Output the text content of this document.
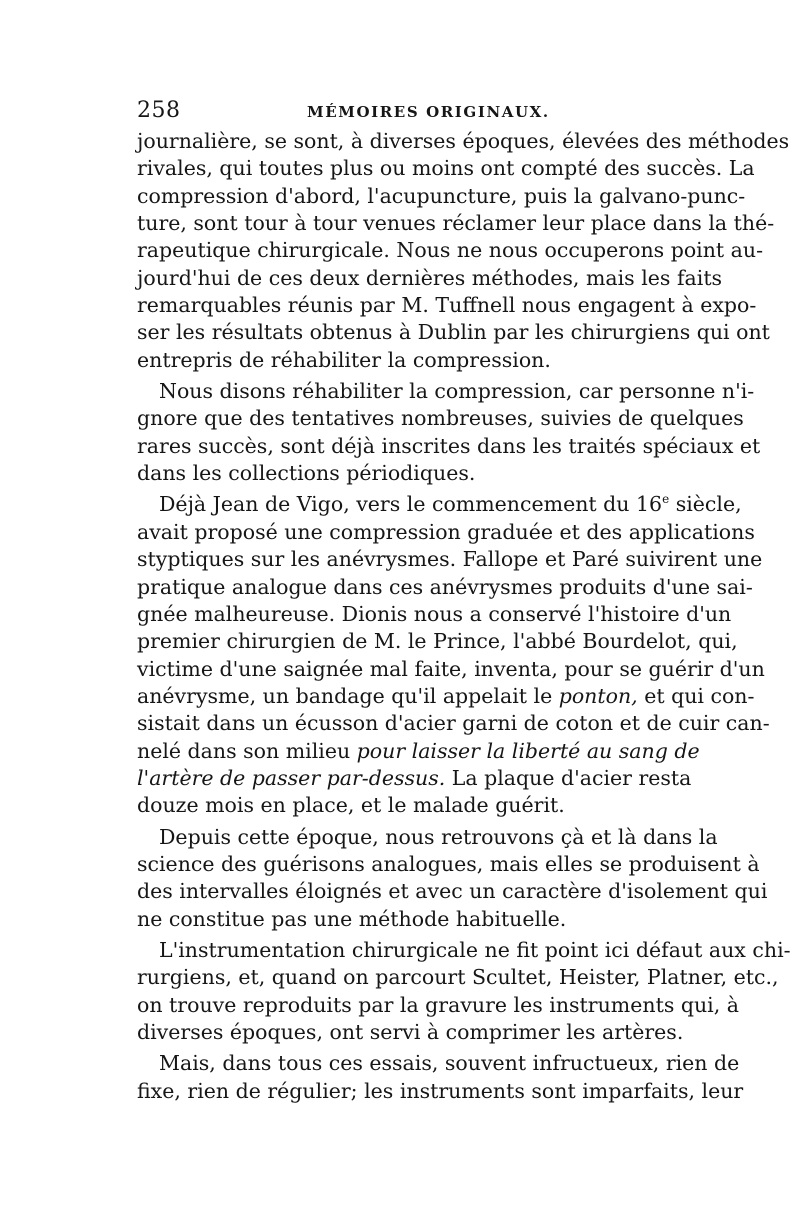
258	MÉMOIRES ORIGINAUX.
journalière, se sont, à diverses époques, élevées des méthodes
rivales, qui toutes plus ou moins ont compté des succès. La
compression d'abord, l'acupuncture, puis la galvano-punc-
ture, sont tour à tour venues réclamer leur place dans la thé-
rapeutique chirurgicale. Nous ne nous occuperons point au-
jourd'hui de ces deux dernières méthodes, mais les faits
remarquables réunis par M. Tuffnell nous engagent à expo-
ser les résultats obtenus à Dublin par les chirurgiens qui ont
entrepris de réhabiliter la compression.
Nous disons réhabiliter la compression, car personne n'i-
gnore que des tentatives nombreuses, suivies de quelques
rares succès, sont déjà inscrites dans les traités spéciaux et
dans les collections périodiques.
Déjà Jean de Vigo, vers le commencement du 16e siècle,
avait proposé une compression graduée et des applications
styptiques sur les anévrysmes. Fallope et Paré suivirent une
pratique analogue dans ces anévrysmes produits d'une sai-
gnée malheureuse. Dionis nous a conservé l'histoire d'un
premier chirurgien de M. le Prince, l'abbé Bourdelot, qui,
victime d'une saignée mal faite, inventa, pour se guérir d'un
anévrysme, un bandage qu'il appelait le ponton, et qui con-
sistait dans un écusson d'acier garni de coton et de cuir can-
nelé dans son milieu pour laisser la liberté au sang de
l'artère de passer par-dessus. La plaque d'acier resta
douze mois en place, et le malade guérit.
Depuis cette époque, nous retrouvons çà et là dans la
science des guérisons analogues, mais elles se produisent à
des intervalles éloignés et avec un caractère d'isolement qui
ne constitue pas une méthode habituelle.
L'instrumentation chirurgicale ne fit point ici défaut aux chi-
rurgiens, et, quand on parcourt Scultet, Heister, Platner, etc.,
on trouve reproduits par la gravure les instruments qui, à
diverses époques, ont servi à comprimer les artères.
Mais, dans tous ces essais, souvent infructueux, rien de
fixe, rien de régulier; les instruments sont imparfaits, leur
